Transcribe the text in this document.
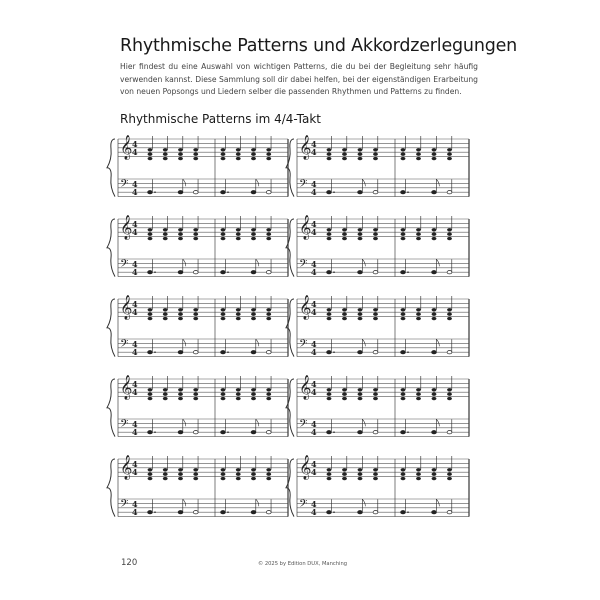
Rhythmische Patterns und Akkordzerlegungen
Hier findest du eine Auswahl von wichtigen Patterns, die du bei der Begleitung sehr häufig verwenden kannst. Diese Sammlung soll dir dabei helfen, bei der eigenständigen Erarbeitung von neuen Popsongs und Liedern selber die passenden Rhythmen und Patterns zu finden.
Rhythmische Patterns im 4/4-Takt
𝄞 4
4
𝄢 4
4
𝄞 4
4
𝄢 4
4
𝄞 4
4
𝄢 4
4
𝄞 4
4
𝄢 4
4
𝄞 4
4
𝄢 4
4
𝄞 4
4
𝄢 4
4
𝄞 4
4
𝄢 4
4
𝄞 4
4
𝄢 4
4
𝄞 4
4
𝄢 4
4
𝄞 4
4
𝄢 4
4
120	© 2025 by Edition DUX, Manching
